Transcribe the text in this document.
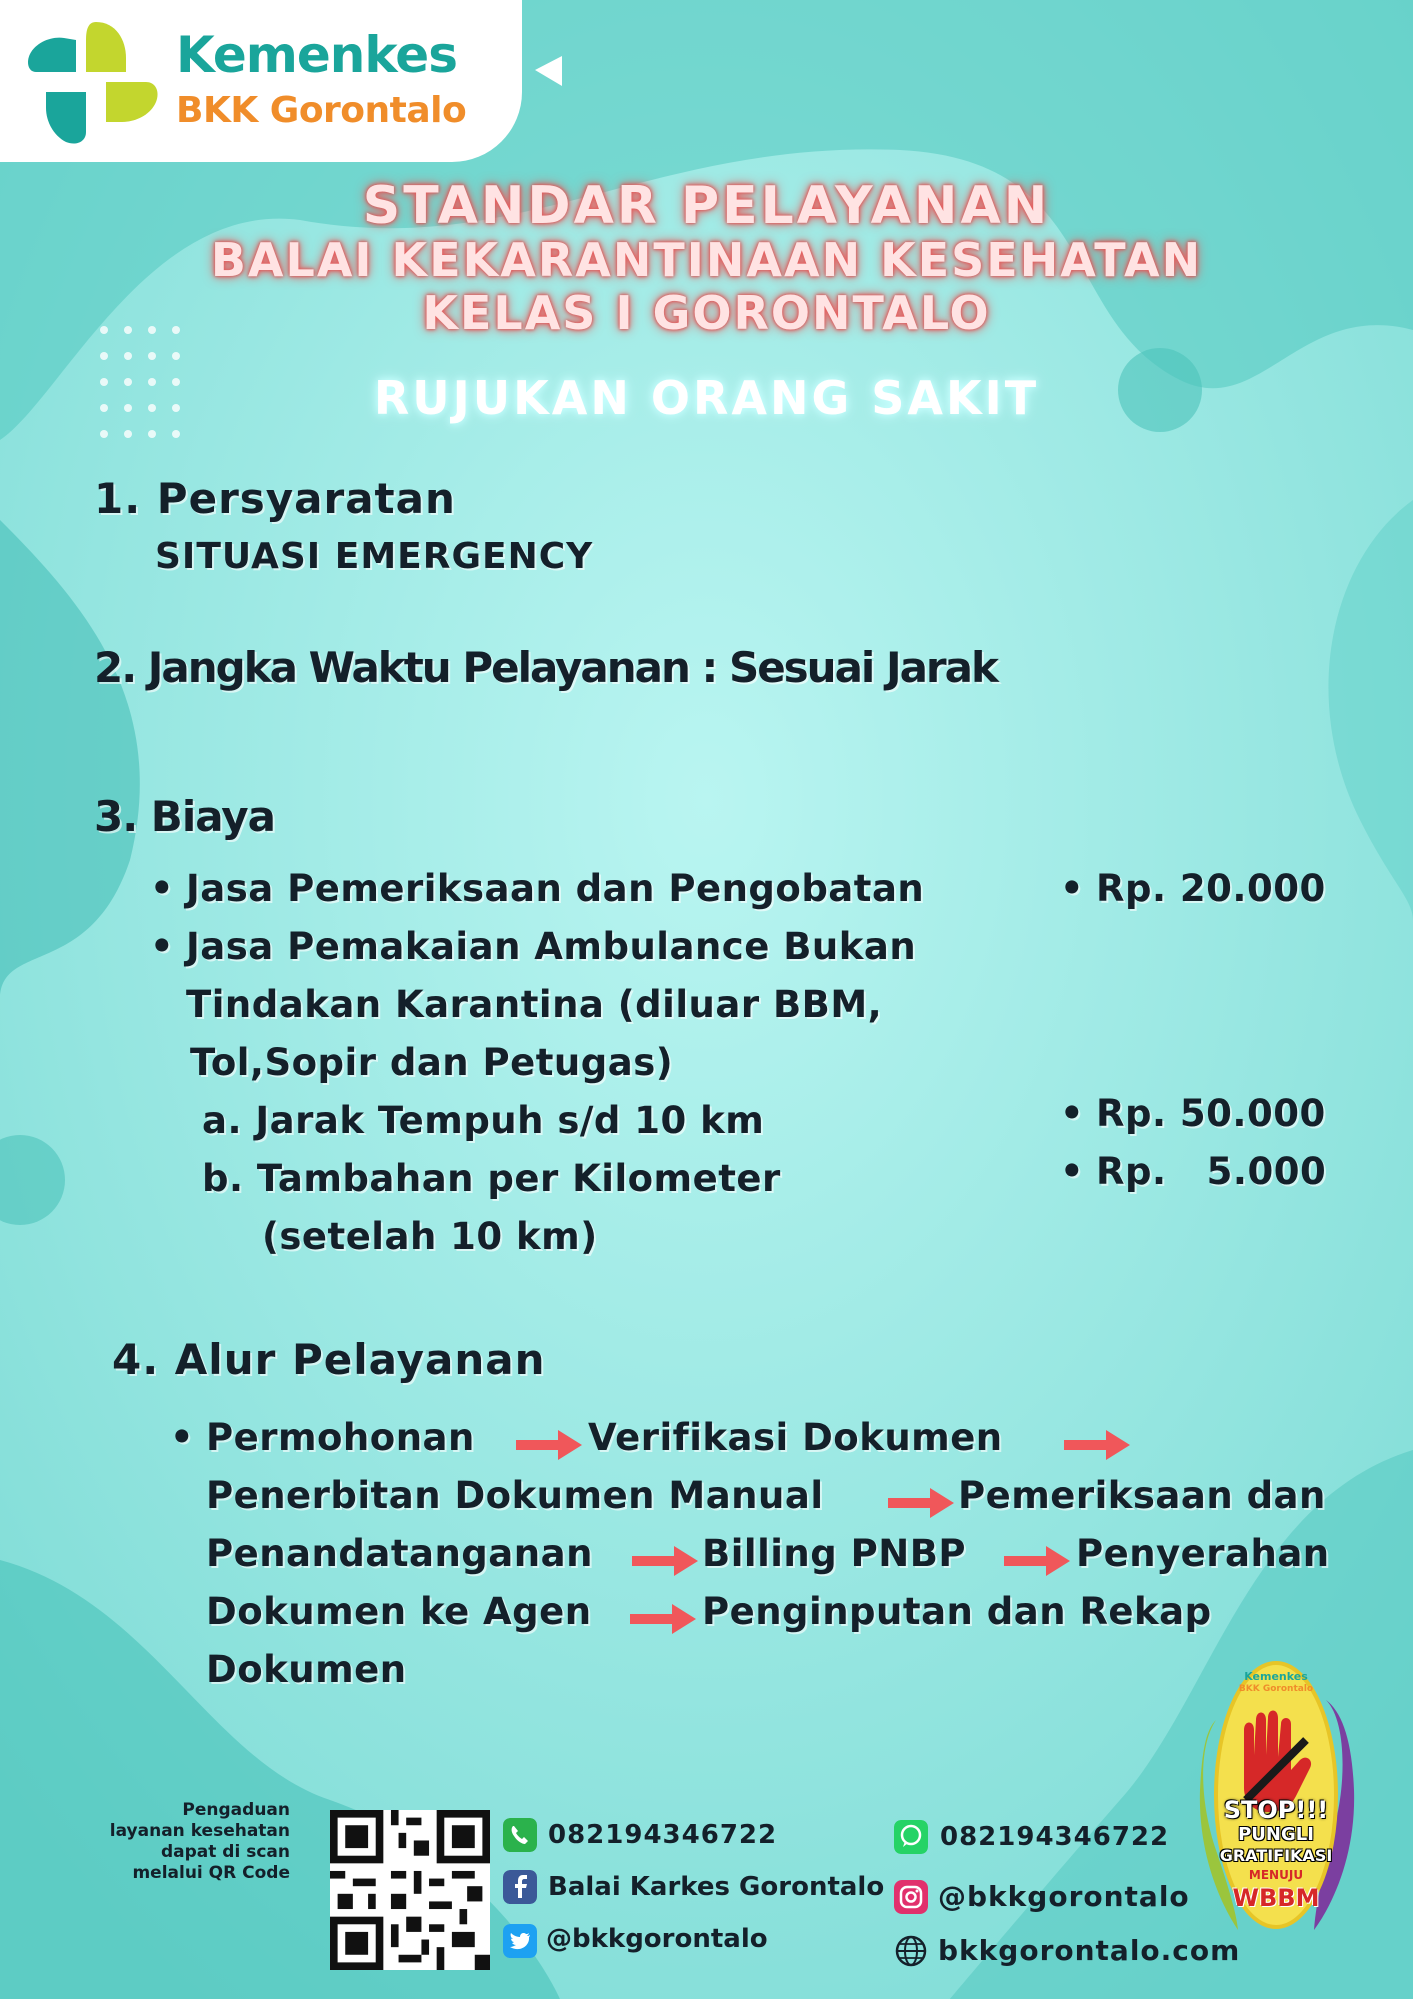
Kemenkes
BKK Gorontalo
STANDAR PELAYANAN
BALAI KEKARANTINAAN KESEHATAN
KELAS I GORONTALO
RUJUKAN ORANG SAKIT
1. Persyaratan
SITUASI EMERGENCY
2. Jangka Waktu Pelayanan : Sesuai Jarak
3. Biaya
• Jasa Pemeriksaan dan Pengobatan	• Rp. 20.000
• Jasa Pemakaian Ambulance Bukan
Tindakan Karantina (diluar BBM,
Tol,Sopir dan Petugas)
a. Jarak Tempuh s/d 10 km	• Rp. 50.000
b. Tambahan per Kilometer
(setelah 10 km)
• Rp.   5.000
4. Alur Pelayanan
• Permohonan	Verifikasi Dokumen
Penerbitan Dokumen Manual	Pemeriksaan dan
Penandatanganan	Billing PNBP	Penyerahan
Dokumen ke Agen	Penginputan dan Rekap
Dokumen
Pengaduan
layanan kesehatan
dapat di scan
melalui QR Code
082194346722
Balai Karkes Gorontalo
@bkkgorontalo
082194346722
@bkkgorontalo
bkkgorontalo.com
Kemenkes
BKK Gorontalo
STOP!!!
PUNGLI
GRATIFIKASI
MENUJU
WBBM
